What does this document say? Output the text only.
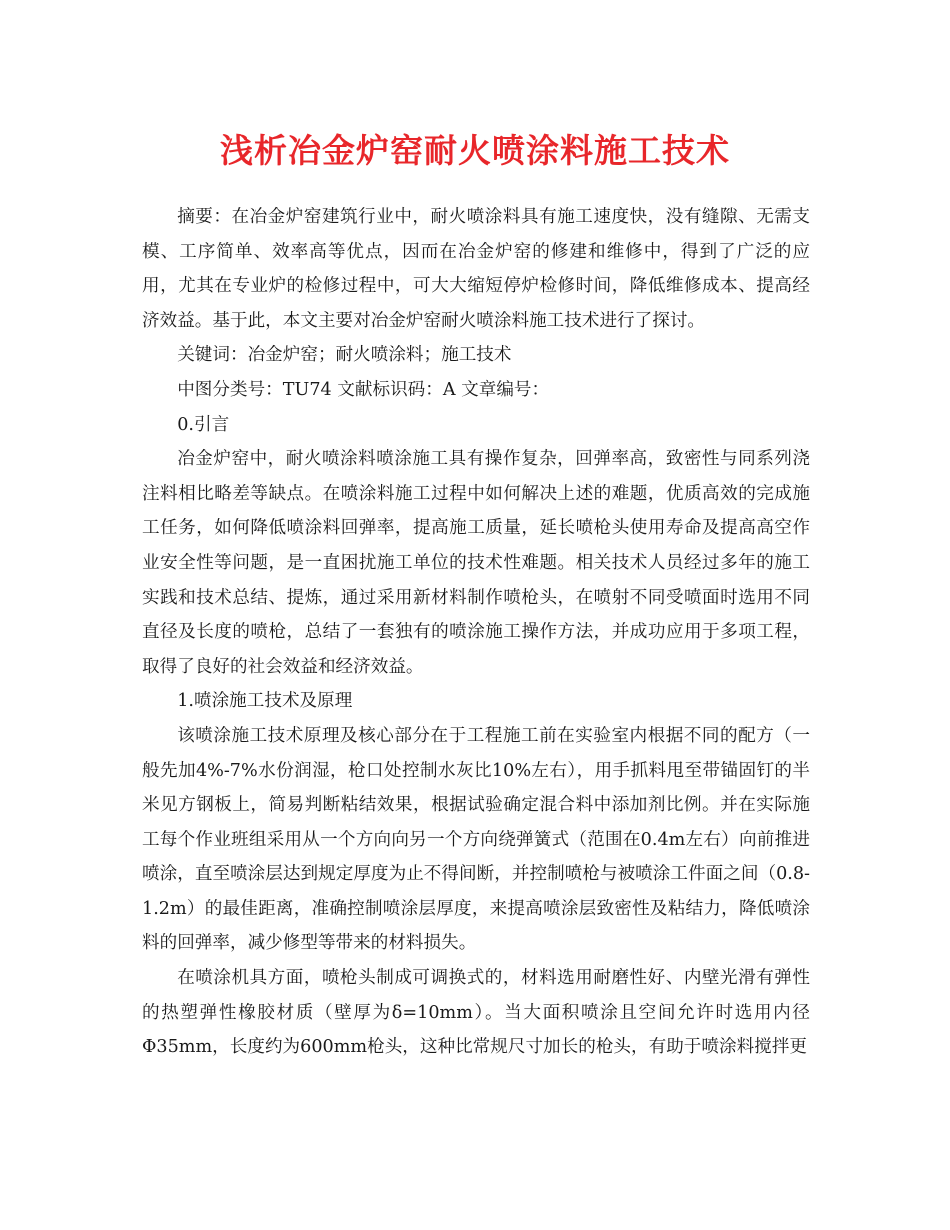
浅析冶金炉窑耐火喷涂料施工技术

摘要：在冶金炉窑建筑行业中，耐火喷涂料具有施工速度快，没有缝隙、无需支模、工序简单、效率高等优点，因而在冶金炉窑的修建和维修中，得到了广泛的应用，尤其在专业炉的检修过程中，可大大缩短停炉检修时间，降低维修成本、提高经济效益。基于此，本文主要对冶金炉窑耐火喷涂料施工技术进行了探讨。

关键词：冶金炉窑；耐火喷涂料；施工技术

中图分类号：TU74 文献标识码：A 文章编号：

0.引言

冶金炉窑中，耐火喷涂料喷涂施工具有操作复杂，回弹率高，致密性与同系列浇注料相比略差等缺点。在喷涂料施工过程中如何解决上述的难题，优质高效的完成施工任务，如何降低喷涂料回弹率，提高施工质量，延长喷枪头使用寿命及提高高空作业安全性等问题，是一直困扰施工单位的技术性难题。相关技术人员经过多年的施工实践和技术总结、提炼，通过采用新材料制作喷枪头，在喷射不同受喷面时选用不同直径及长度的喷枪，总结了一套独有的喷涂施工操作方法，并成功应用于多项工程，取得了良好的社会效益和经济效益。

1.喷涂施工技术及原理

该喷涂施工技术原理及核心部分在于工程施工前在实验室内根据不同的配方（一般先加4%-7%水份润湿，枪口处控制水灰比10%左右），用手抓料甩至带锚固钉的半米见方钢板上，简易判断粘结效果，根据试验确定混合料中添加剂比例。并在实际施工每个作业班组采用从一个方向向另一个方向绕弹簧式（范围在0.4m左右）向前推进喷涂，直至喷涂层达到规定厚度为止不得间断，并控制喷枪与被喷涂工件面之间（0.8-1.2m）的最佳距离，准确控制喷涂层厚度，来提高喷涂层致密性及粘结力，降低喷涂料的回弹率，减少修型等带来的材料损失。

在喷涂机具方面，喷枪头制成可调换式的，材料选用耐磨性好、内壁光滑有弹性的热塑弹性橡胶材质（壁厚为δ=10mm）。当大面积喷涂且空间允许时选用内径Φ35mm，长度约为600mm枪头，这种比常规尺寸加长的枪头，有助于喷涂料搅拌更
